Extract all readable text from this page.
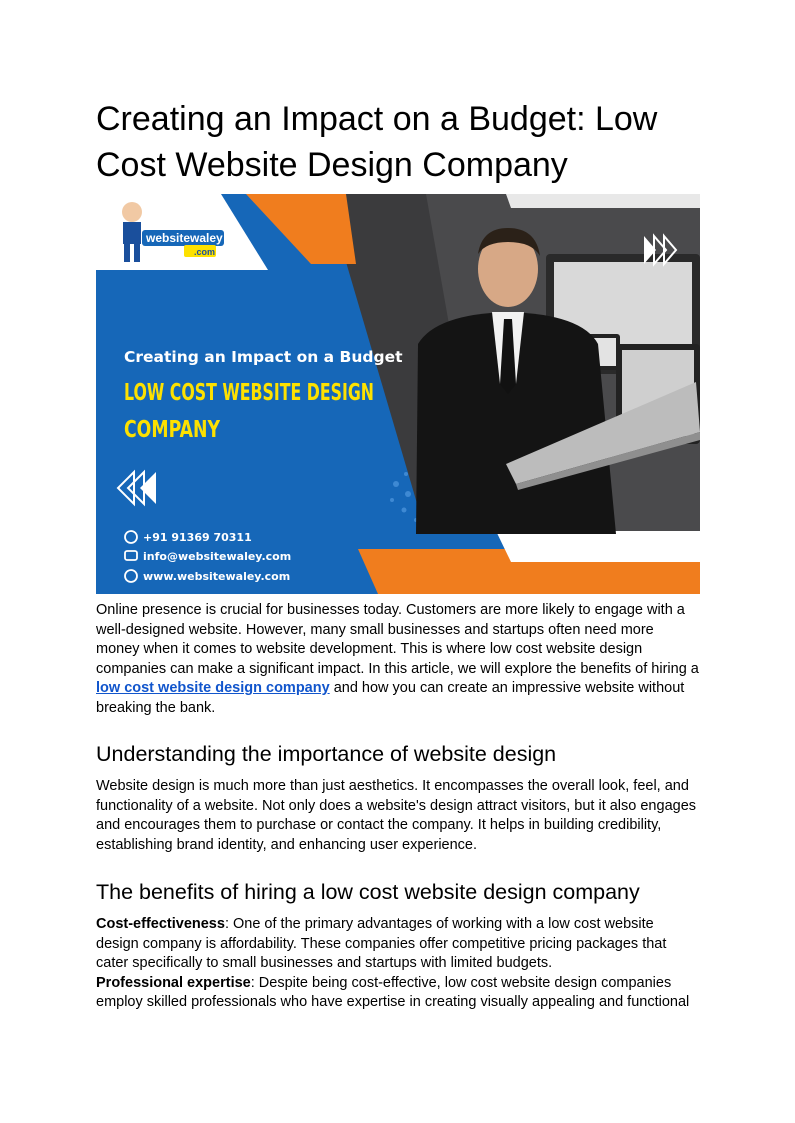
Creating an Impact on a Budget: Low Cost Website Design Company
websitewaley
.com
Creating an Impact on a Budget
LOW COST WEBSITE DESIGN
COMPANY
+91 91369 70311
info@websitewaley.com
www.websitewaley.com

Online presence is crucial for businesses today. Customers are more likely to engage with a well-designed website. However, many small businesses and startups often need more money when it comes to website development. This is where low cost website design companies can make a significant impact. In this article, we will explore the benefits of hiring a low cost website design company and how you can create an impressive website without breaking the bank.

Understanding the importance of website design

Website design is much more than just aesthetics. It encompasses the overall look, feel, and functionality of a website. Not only does a website's design attract visitors, but it also engages and encourages them to purchase or contact the company. It helps in building credibility, establishing brand identity, and enhancing user experience.

The benefits of hiring a low cost website design company

Cost-effectiveness: One of the primary advantages of working with a low cost website design company is affordability. These companies offer competitive pricing packages that cater specifically to small businesses and startups with limited budgets.

Professional expertise: Despite being cost-effective, low cost website design companies employ skilled professionals who have expertise in creating visually appealing and functional
